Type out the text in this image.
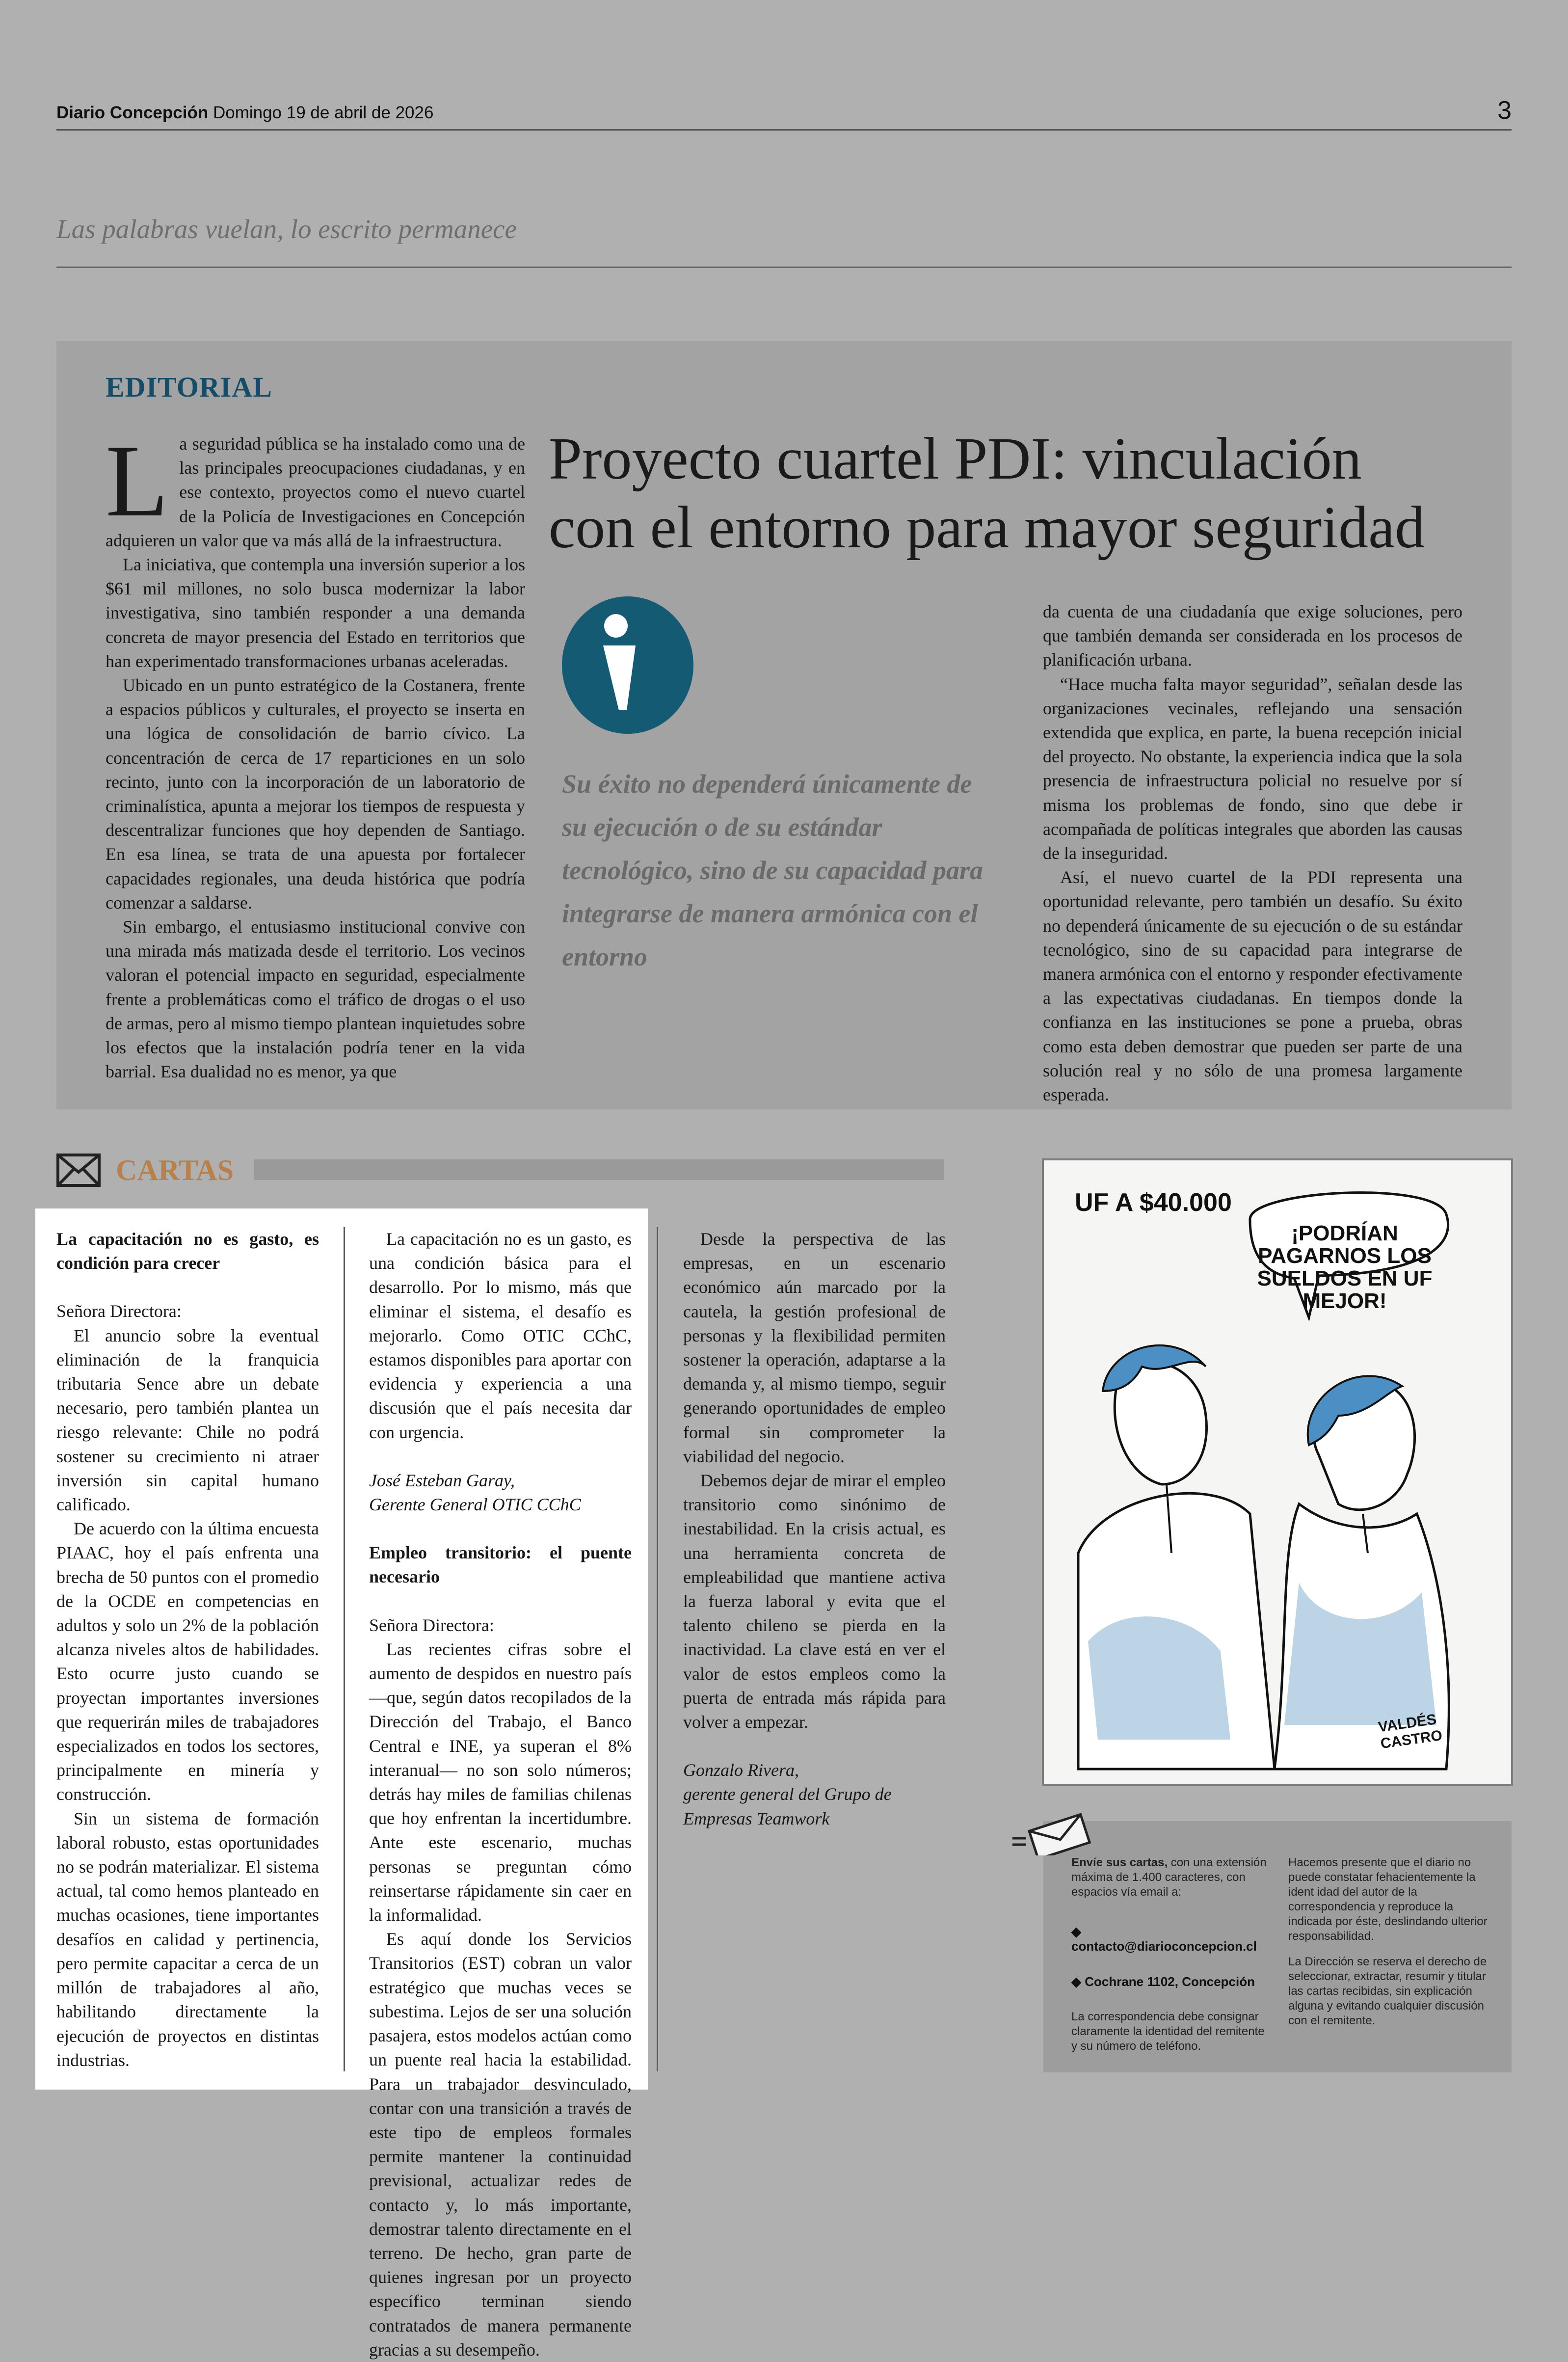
Diario Concepción Domingo 19 de abril de 2026	3
Las palabras vuelan, lo escrito permanece
EDITORIAL
Proyecto cuartel PDI: vinculación
con el entorno para mayor seguridad

La seguridad pública se ha instalado como una de las principales preocupaciones ciudadanas, y en ese contexto, proyectos como el nuevo cuartel de la Policía de Investigaciones en Concepción adquieren un valor que va más allá de la infraestructura.

La iniciativa, que contempla una inversión superior a los $61 mil millones, no solo busca modernizar la labor investigativa, sino también responder a una demanda concreta de mayor presencia del Estado en territorios que han experimentado transformaciones urbanas aceleradas.

Ubicado en un punto estratégico de la Costanera, frente a espacios públicos y culturales, el proyecto se inserta en una lógica de consolidación de barrio cívico. La concentración de cerca de 17 reparticiones en un solo recinto, junto con la incorporación de un laboratorio de criminalística, apunta a mejorar los tiempos de respuesta y descentralizar funciones que hoy dependen de Santiago. En esa línea, se trata de una apuesta por fortalecer capacidades regionales, una deuda histórica que podría comenzar a saldarse.

Sin embargo, el entusiasmo institucional convive con una mirada más matizada desde el territorio. Los vecinos valoran el potencial impacto en seguridad, especialmente frente a problemáticas como el tráfico de drogas o el uso de armas, pero al mismo tiempo plantean inquietudes sobre los efectos que la instalación podría tener en la vida barrial. Esa dualidad no es menor, ya que

Su éxito no dependerá únicamente de su ejecución o de su estándar tecnológico, sino de su capacidad para integrarse de manera armónica con el entorno

da cuenta de una ciudadanía que exige soluciones, pero que también demanda ser considerada en los procesos de planificación urbana.

“Hace mucha falta mayor seguridad”, señalan desde las organizaciones vecinales, reflejando una sensación extendida que explica, en parte, la buena recepción inicial del proyecto. No obstante, la experiencia indica que la sola presencia de infraestructura policial no resuelve por sí misma los problemas de fondo, sino que debe ir acompañada de políticas integrales que aborden las causas de la inseguridad.

Así, el nuevo cuartel de la PDI representa una oportunidad relevante, pero también un desafío. Su éxito no dependerá únicamente de su ejecución o de su estándar tecnológico, sino de su capacidad para integrarse de manera armónica con el entorno y responder efectivamente a las expectativas ciudadanas. En tiempos donde la confianza en las instituciones se pone a prueba, obras como esta deben demostrar que pueden ser parte de una solución real y no sólo de una promesa largamente esperada.

CARTAS

La capacitación no es gasto, es condición para crecer

Señora Directora:

El anuncio sobre la eventual eliminación de la franquicia tributaria Sence abre un debate necesario, pero también plantea un riesgo relevante: Chile no podrá sostener su crecimiento ni atraer inversión sin capital humano calificado.

De acuerdo con la última encuesta PIAAC, hoy el país enfrenta una brecha de 50 puntos con el promedio de la OCDE en competencias en adultos y solo un 2% de la población alcanza niveles altos de habilidades. Esto ocurre justo cuando se proyectan importantes inversiones que requerirán miles de trabajadores especializados en todos los sectores, principalmente en minería y construcción.

Sin un sistema de formación laboral robusto, estas oportunidades no se podrán materializar. El sistema actual, tal como hemos planteado en muchas ocasiones, tiene importantes desafíos en calidad y pertinencia, pero permite capacitar a cerca de un millón de trabajadores al año, habilitando directamente la ejecución de proyectos en distintas industrias.

La capacitación no es un gasto, es una condición básica para el desarrollo. Por lo mismo, más que eliminar el sistema, el desafío es mejorarlo. Como OTIC CChC, estamos disponibles para aportar con evidencia y experiencia a una discusión que el país necesita dar con urgencia.

José Esteban Garay,

Gerente General OTIC CChC

Empleo transitorio: el puente necesario

Señora Directora:

Las recientes cifras sobre el aumento de despidos en nuestro país —que, según datos recopilados de la Dirección del Trabajo, el Banco Central e INE, ya superan el 8% interanual— no son solo números; detrás hay miles de familias chilenas que hoy enfrentan la incertidumbre. Ante este escenario, muchas personas se preguntan cómo reinsertarse rápidamente sin caer en la informalidad.

Es aquí donde los Servicios Transitorios (EST) cobran un valor estratégico que muchas veces se subestima. Lejos de ser una solución pasajera, estos modelos actúan como un puente real hacia la estabilidad. Para un trabajador desvinculado, contar con una transición a través de este tipo de empleos formales permite mantener la continuidad previsional, actualizar redes de contacto y, lo más importante, demostrar talento directamente en el terreno. De hecho, gran parte de quienes ingresan por un proyecto específico terminan siendo contratados de manera permanente gracias a su desempeño.

Desde la perspectiva de las empresas, en un escenario económico aún marcado por la cautela, la gestión profesional de personas y la flexibilidad permiten sostener la operación, adaptarse a la demanda y, al mismo tiempo, seguir generando oportunidades de empleo formal sin comprometer la viabilidad del negocio.

Debemos dejar de mirar el empleo transitorio como sinónimo de inestabilidad. En la crisis actual, es una herramienta concreta de empleabilidad que mantiene activa la fuerza laboral y evita que el talento chileno se pierda en la inactividad. La clave está en ver el valor de estos empleos como la puerta de entrada más rápida para volver a empezar.

Gonzalo Rivera,

gerente general del Grupo de

Empresas Teamwork

UF A $40.000
¡PODRÍAN PAGARNOS LOS SUELDOS EN UF MEJOR!
VALDÉS CASTRO
Envíe sus cartas, con una extensión máxima de 1.400 caracteres, con espacios vía email a:
◆ contacto@diarioconcepcion.cl
◆ Cochrane 1102, Concepción
La correspondencia debe consignar claramente la identidad del remitente y su número de teléfono.
Hacemos presente que el diario no puede constatar fehacientemente la ident idad del autor de la correspondencia y reproduce la indicada por éste, deslindando ulterior responsabilidad.
La Dirección se reserva el derecho de seleccionar, extractar, resumir y titular las cartas recibidas, sin explicación alguna y evitando cualquier discusión con el remitente.
